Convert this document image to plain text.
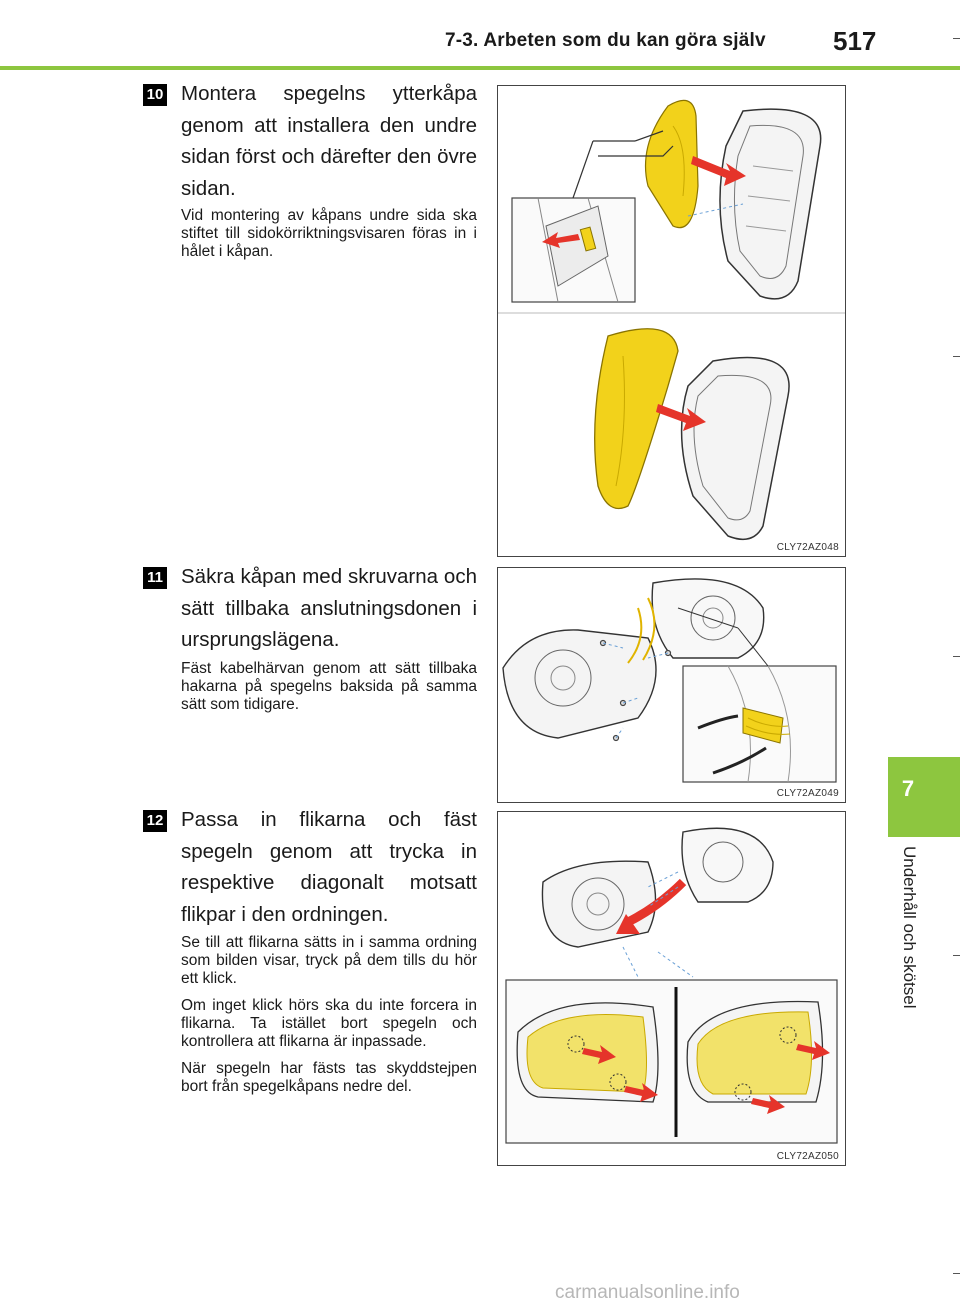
7-3. Arbeten som du kan göra själv	517
7
Underhåll och skötsel
10 Montera spegelns ytterkåpa genom att installera den undre sidan först och därefter den övre sidan.

Vid montering av kåpans undre sida ska stiftet till sidokörriktningsvisaren föras in i hålet i kåpan.

CLY72AZ048
11 Säkra kåpan med skruvarna och sätt tillbaka anslutningsdonen i ursprungslägena.

Fäst kabelhärvan genom att sätt tillbaka hakarna på spegelns baksida på samma sätt som tidigare.

CLY72AZ049
12 Passa in flikarna och fäst spegeln genom att trycka in respektive diagonalt motsatt flikpar i den ordningen.

Se till att flikarna sätts in i samma ordning som bilden visar, tryck på dem tills du hör ett klick.

Om inget klick hörs ska du inte forcera in flikarna. Ta istället bort spegeln och kontrollera att flikarna är inpassade.

När spegeln har fästs tas skyddstejpen bort från spegelkåpans nedre del.

CLY72AZ050
carmanualsonline.info
